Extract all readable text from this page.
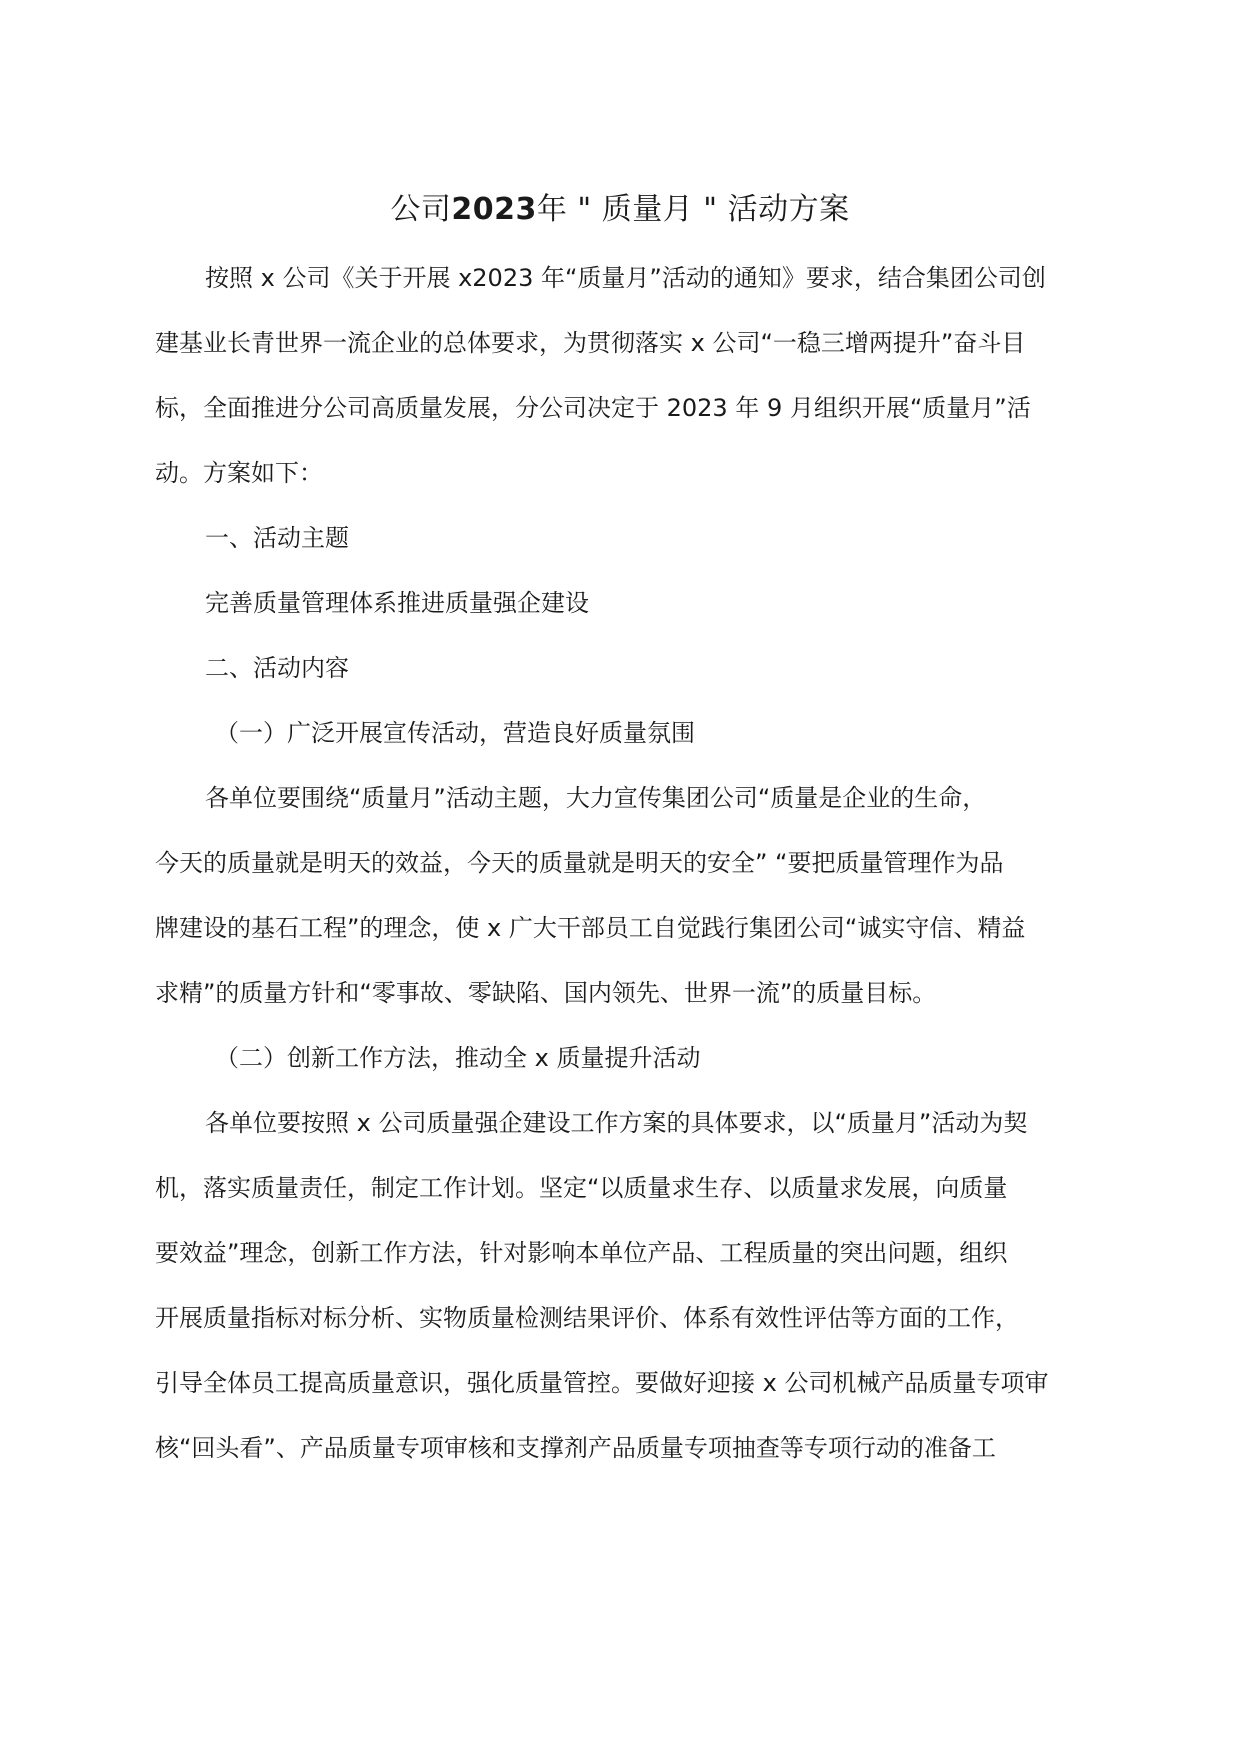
公司2023年 " 质量月 " 活动方案
按照 x 公司《关于开展 x2023 年“质量月”活动的通知》要求，结合集团公司创
建基业长青世界一流企业的总体要求，为贯彻落实 x 公司“一稳三增两提升”奋斗目
标，全面推进分公司高质量发展，分公司决定于 2023 年 9 月组织开展“质量月”活
动。方案如下：
一、活动主题
完善质量管理体系推进质量强企建设
二、活动内容
（一）广泛开展宣传活动，营造良好质量氛围
各单位要围绕“质量月”活动主题，大力宣传集团公司“质量是企业的生命，
今天的质量就是明天的效益，今天的质量就是明天的安全” “要把质量管理作为品
牌建设的基石工程”的理念，使 x 广大干部员工自觉践行集团公司“诚实守信、精益
求精”的质量方针和“零事故、零缺陷、国内领先、世界一流”的质量目标。
（二）创新工作方法，推动全 x 质量提升活动
各单位要按照 x 公司质量强企建设工作方案的具体要求，以“质量月”活动为契
机，落实质量责任，制定工作计划。坚定“以质量求生存、以质量求发展，向质量
要效益”理念，创新工作方法，针对影响本单位产品、工程质量的突出问题，组织
开展质量指标对标分析、实物质量检测结果评价、体系有效性评估等方面的工作，
引导全体员工提高质量意识，强化质量管控。要做好迎接 x 公司机械产品质量专项审
核“回头看”、产品质量专项审核和支撑剂产品质量专项抽查等专项行动的准备工
